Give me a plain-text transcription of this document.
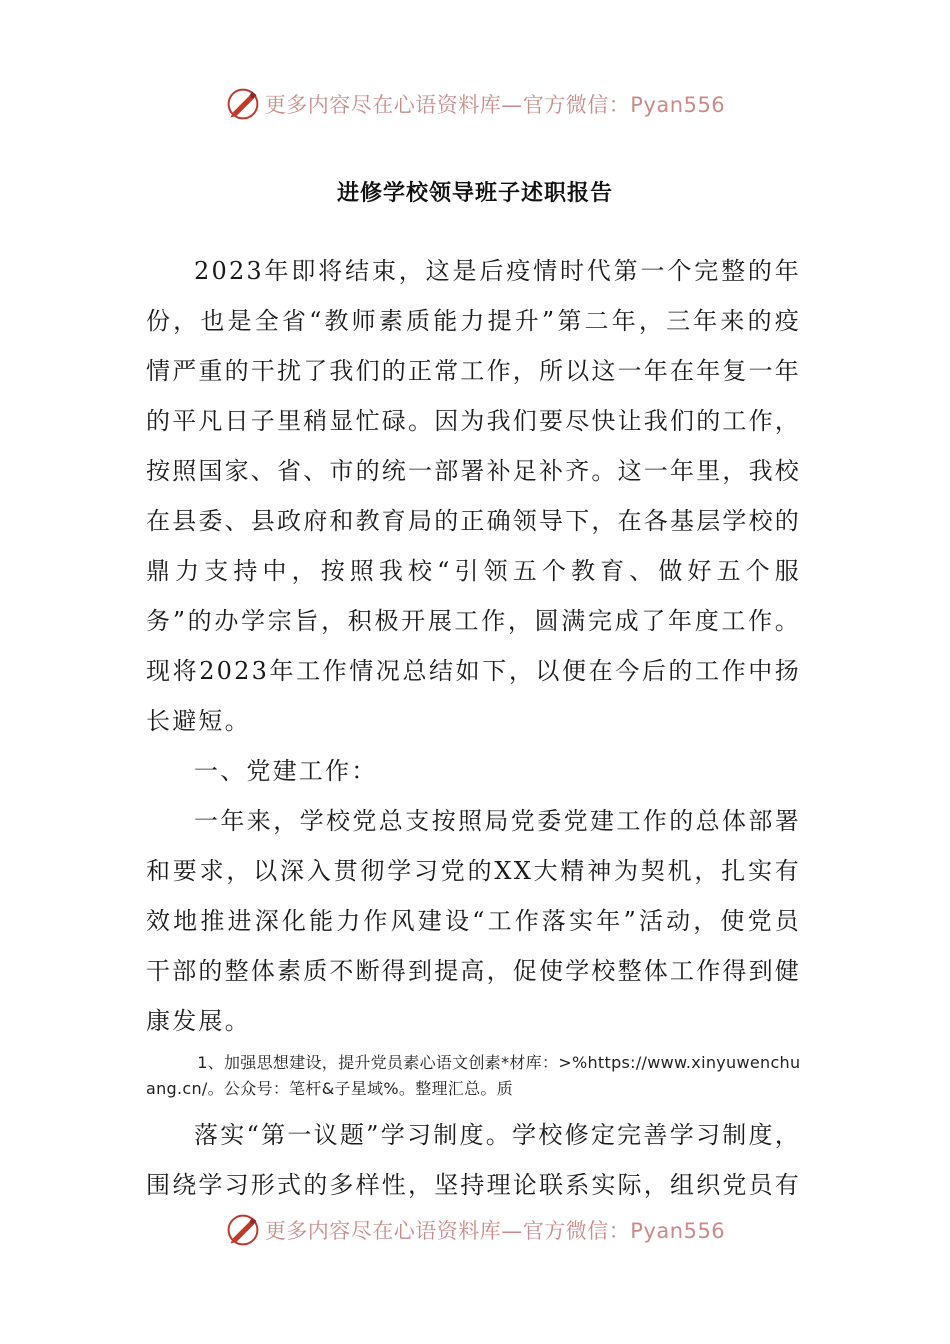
更多内容尽在心语资料库—官方微信：Pyan556
进修学校领导班子述职报告

2023年即将结束，这是后疫情时代第一个完整的年份，也是全省“教师素质能力提升”第二年，三年来的疫情严重的干扰了我们的正常工作，所以这一年在年复一年的平凡日子里稍显忙碌。因为我们要尽快让我们的工作，按照国家、省、市的统一部署补足补齐。这一年里，我校在县委、县政府和教育局的正确领导下，在各基层学校的鼎力支持中，按照我校“引领五个教育、做好五个服务”的办学宗旨，积极开展工作，圆满完成了年度工作。现将2023年工作情况总结如下，以便在今后的工作中扬长避短。

一、党建工作：

一年来，学校党总支按照局党委党建工作的总体部署和要求，以深入贯彻学习党的XX大精神为契机，扎实有效地推进深化能力作风建设“工作落实年”活动，使党员干部的整体素质不断得到提高，促使学校整体工作得到健康发展。

1、加强思想建设，提升党员素心语文创素*材库：>%https://www.xinyuwenchuang.cn/。公众号：笔杆&子星域%。整理汇总。质

落实“第一议题”学习制度。学校修定完善学习制度，围绕学习形式的多样性，坚持理论联系实际，组织党员有

更多内容尽在心语资料库—官方微信：Pyan556
